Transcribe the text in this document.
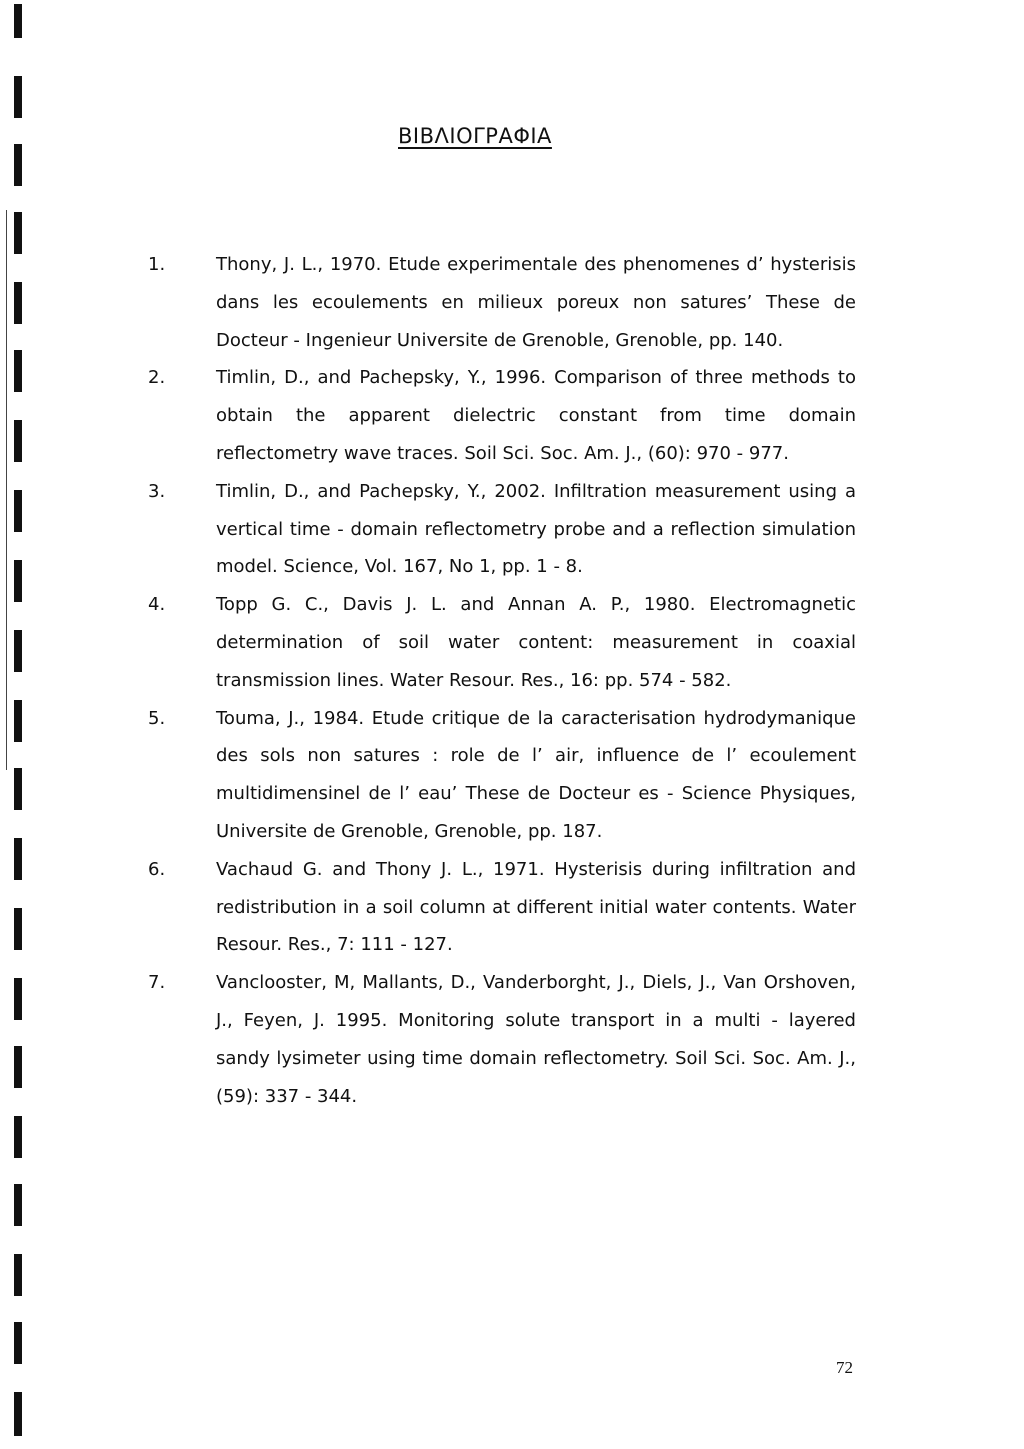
ΒΙΒΛΙΟΓΡΑΦΙΑ
1.	Thony, J. L., 1970. Etude experimentale des phenomenes d’ hysterisis dans les ecoulements en milieux poreux non satures’ These de Docteur - Ingenieur Universite de Grenoble, Grenoble, pp. 140.
2.	Timlin, D., and Pachepsky, Y., 1996. Comparison of three methods to obtain the apparent dielectric constant from time domain reflectometry wave traces. Soil Sci. Soc. Am. J., (60): 970 - 977.
3.	Timlin, D., and Pachepsky, Y., 2002. Infiltration measurement using a vertical time - domain reflectometry probe and a reflection simulation model. Science, Vol. 167, No 1, pp. 1 - 8.
4.	Topp G. C., Davis J. L. and Annan A. P., 1980. Electromagnetic determination of soil water content: measurement in coaxial transmission lines. Water Resour. Res., 16: pp. 574 - 582.
5.	Touma, J., 1984. Etude critique de la caracterisation hydrodymanique des sols non satures : role de l’ air, influence de l’ ecoulement multidimensinel de l’ eau’ These de Docteur es - Science Physiques, Universite de Grenoble, Grenoble, pp. 187.
6.	Vachaud G. and Thony J. L., 1971. Hysterisis during infiltration and redistribution in a soil column at different initial water contents. Water Resour. Res., 7: 111 - 127.
7.	Vanclooster, M, Mallants, D., Vanderborght, J., Diels, J., Van Orshoven, J., Feyen, J. 1995. Monitoring solute transport in a multi - layered sandy lysimeter using time domain reflectometry. Soil Sci. Soc. Am. J., (59): 337 - 344.
72
